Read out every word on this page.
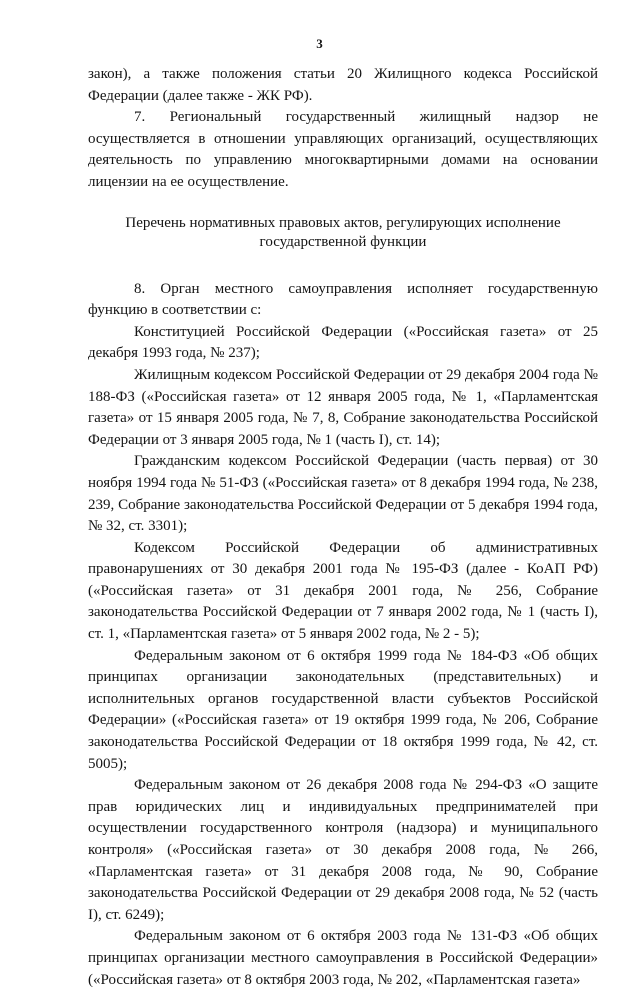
3

закон), а также положения статьи 20 Жилищного кодекса Российской Федерации (далее также - ЖК РФ).

7. Региональный государственный жилищный надзор не осуществляется в отношении управляющих организаций, осуществляющих деятельность по управлению многоквартирными домами на основании лицензии на ее осуществление.

Перечень нормативных правовых актов, регулирующих исполнение государственной функции

8. Орган местного самоуправления исполняет государственную функцию в соответствии с:

Конституцией Российской Федерации («Российская газета» от 25 декабря 1993 года, № 237);

Жилищным кодексом Российской Федерации от 29 декабря 2004 года № 188-ФЗ («Российская газета» от 12 января 2005 года, № 1, «Парламентская газета» от 15 января 2005 года, № 7, 8, Собрание законодательства Российской Федерации от 3 января 2005 года, № 1 (часть I), ст. 14);

Гражданским кодексом Российской Федерации (часть первая) от 30 ноября 1994 года № 51-ФЗ («Российская газета» от 8 декабря 1994 года, № 238, 239, Собрание законодательства Российской Федерации от 5 декабря 1994 года, № 32, ст. 3301);

Кодексом Российской Федерации об административных правонарушениях от 30 декабря 2001 года № 195-ФЗ (далее - КоАП РФ) («Российская газета» от 31 декабря 2001 года, № 256, Собрание законодательства Российской Федерации от 7 января 2002 года, № 1 (часть I), ст. 1, «Парламентская газета» от 5 января 2002 года, № 2 - 5);

Федеральным законом от 6 октября 1999 года № 184-ФЗ «Об общих принципах организации законодательных (представительных) и исполнительных органов государственной власти субъектов Российской Федерации» («Российская газета» от 19 октября 1999 года, № 206, Собрание законодательства Российской Федерации от 18 октября 1999 года, № 42, ст. 5005);

Федеральным законом от 26 декабря 2008 года № 294-ФЗ «О защите прав юридических лиц и индивидуальных предпринимателей при осуществлении государственного контроля (надзора) и муниципального контроля» («Российская газета» от 30 декабря 2008 года, № 266, «Парламентская газета» от 31 декабря 2008 года, № 90, Собрание законодательства Российской Федерации от 29 декабря 2008 года, № 52 (часть I), ст. 6249);

Федеральным законом от 6 октября 2003 года № 131-ФЗ «Об общих принципах организации местного самоуправления в Российской Федерации» («Российская газета» от 8 октября 2003 года, № 202, «Парламентская газета»
